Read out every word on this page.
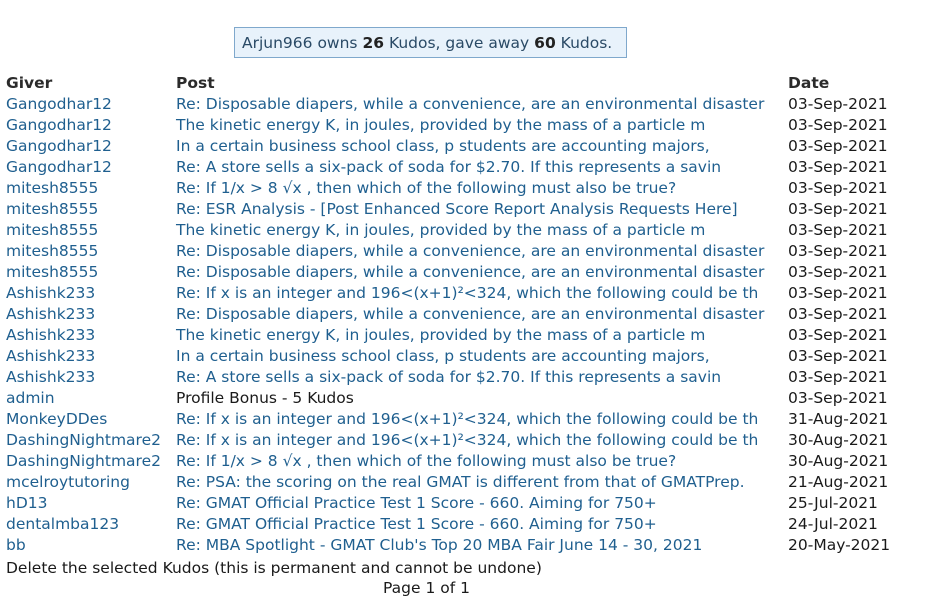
Arjun966 owns 26 Kudos, gave away 60 Kudos.
Giver	Post	Date
Gangodhar12	Re: Disposable diapers, while a convenience, are an environmental disaster	03-Sep-2021
Gangodhar12	The kinetic energy K, in joules, provided by the mass of a particle m	03-Sep-2021
Gangodhar12	In a certain business school class, p students are accounting majors,	03-Sep-2021
Gangodhar12	Re: A store sells a six-pack of soda for $2.70. If this represents a savin	03-Sep-2021
mitesh8555	Re: If 1/x > 8 √x , then which of the following must also be true?	03-Sep-2021
mitesh8555	Re: ESR Analysis - [Post Enhanced Score Report Analysis Requests Here]	03-Sep-2021
mitesh8555	The kinetic energy K, in joules, provided by the mass of a particle m	03-Sep-2021
mitesh8555	Re: Disposable diapers, while a convenience, are an environmental disaster	03-Sep-2021
mitesh8555	Re: Disposable diapers, while a convenience, are an environmental disaster	03-Sep-2021
Ashishk233	Re: If x is an integer and 196<(x+1)²<324, which the following could be th	03-Sep-2021
Ashishk233	Re: Disposable diapers, while a convenience, are an environmental disaster	03-Sep-2021
Ashishk233	The kinetic energy K, in joules, provided by the mass of a particle m	03-Sep-2021
Ashishk233	In a certain business school class, p students are accounting majors,	03-Sep-2021
Ashishk233	Re: A store sells a six-pack of soda for $2.70. If this represents a savin	03-Sep-2021
admin	Profile Bonus - 5 Kudos	03-Sep-2021
MonkeyDDes	Re: If x is an integer and 196<(x+1)²<324, which the following could be th	31-Aug-2021
DashingNightmare2	Re: If x is an integer and 196<(x+1)²<324, which the following could be th	30-Aug-2021
DashingNightmare2	Re: If 1/x > 8 √x , then which of the following must also be true?	30-Aug-2021
mcelroytutoring	Re: PSA: the scoring on the real GMAT is different from that of GMATPrep.	21-Aug-2021
hD13	Re: GMAT Official Practice Test 1 Score - 660. Aiming for 750+	25-Jul-2021
dentalmba123	Re: GMAT Official Practice Test 1 Score - 660. Aiming for 750+	24-Jul-2021
bb	Re: MBA Spotlight - GMAT Club's Top 20 MBA Fair June 14 - 30, 2021	20-May-2021
Delete the selected Kudos (this is permanent and cannot be undone)
Page 1 of 1
